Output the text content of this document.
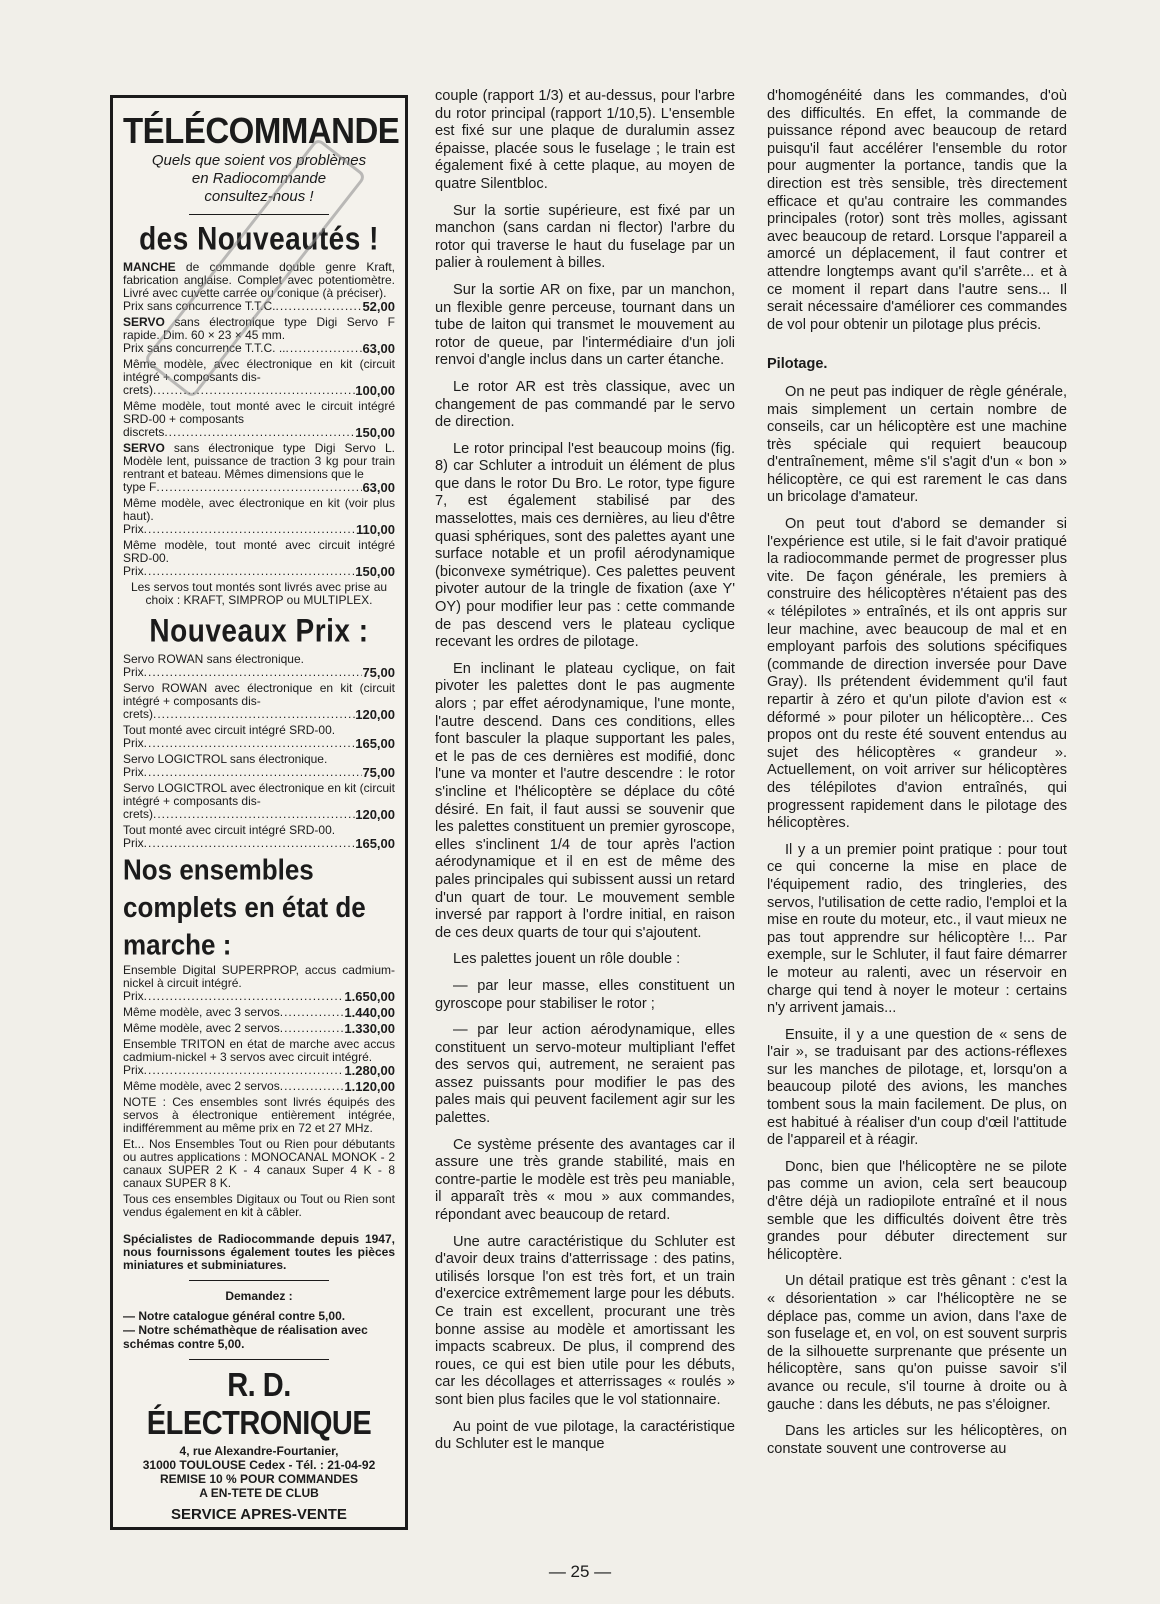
TÉLÉCOMMANDE
Quels que soient vos problèmes
en Radiocommande
consultez-nous !
des Nouveautés !
MANCHE de commande double genre Kraft, fabrication anglaise. Complet avec potentiomètre. Livré avec cuvette carrée ou conique (à préciser).
Prix sans concurrence T.T.C. .....	52,00
SERVO sans électronique type Digi Servo F rapide. Dim. 60 × 23 × 45 mm.
Prix sans concurrence T.T.C. .. .....	63,00
Même modèle, avec électronique en kit (circuit intégré + composants dis-
crets) .....	100,00
Même modèle, tout monté avec le circuit intégré SRD-00 + composants
discrets .....	150,00
SERVO sans électronique type Digi Servo L. Modèle lent, puissance de traction 3 kg pour train rentrant et bateau. Mêmes dimensions que le
type F .....	63,00
Même modèle, avec électronique en kit (voir plus haut).
Prix .....	110,00
Même modèle, tout monté avec circuit intégré SRD-00.
Prix .....	150,00
Les servos tout montés sont livrés avec prise au choix : KRAFT, SIMPROP ou MULTIPLEX.
Nouveaux Prix :
Servo ROWAN sans électronique.
Prix .....	75,00
Servo ROWAN avec électronique en kit (circuit intégré + composants dis-
crets) .....	120,00
Tout monté avec circuit intégré SRD-00.
Prix .....	165,00
Servo LOGICTROL sans électronique.
Prix .....	75,00
Servo LOGICTROL avec électronique en kit (circuit intégré + composants dis-
crets) .....	120,00
Tout monté avec circuit intégré SRD-00.
Prix .....	165,00
Nos ensembles complets en état de marche :
Ensemble Digital SUPERPROP, accus cadmium-nickel à circuit intégré.
Prix .....	1.650,00
Même modèle, avec 3 servos .....	1.440,00
Même modèle, avec 2 servos .....	1.330,00
Ensemble TRITON en état de marche avec accus cadmium-nickel + 3 servos avec circuit intégré.
Prix .....	1.280,00
Même modèle, avec 2 servos .....	1.120,00
NOTE : Ces ensembles sont livrés équipés des servos à électronique entièrement intégrée, indifféremment au même prix en 72 et 27 MHz.
Et... Nos Ensembles Tout ou Rien pour débutants ou autres applications : MONOCANAL MONOK - 2 canaux SUPER 2 K - 4 canaux Super 4 K - 8 canaux SUPER 8 K.
Tous ces ensembles Digitaux ou Tout ou Rien sont vendus également en kit à câbler.
Spécialistes de Radiocommande depuis 1947, nous fournissons également toutes les pièces miniatures et subminiatures.
Demandez :
— Notre catalogue général contre 5,00.
— Notre schémathèque de réalisation avec schémas contre 5,00.
R. D. ÉLECTRONIQUE
4, rue Alexandre-Fourtanier,
31000 TOULOUSE Cedex - Tél. : 21-04-92
REMISE 10 % POUR COMMANDES
A EN-TETE DE CLUB
SERVICE APRES-VENTE

couple (rapport 1/3) et au-dessus, pour l'arbre du rotor principal (rapport 1/10,5). L'ensemble est fixé sur une plaque de duralumin assez épaisse, placée sous le fuselage ; le train est également fixé à cette plaque, au moyen de quatre Silentbloc.

Sur la sortie supérieure, est fixé par un manchon (sans cardan ni flector) l'arbre du rotor qui traverse le haut du fuselage par un palier à roulement à billes.

Sur la sortie AR on fixe, par un manchon, un flexible genre perceuse, tournant dans un tube de laiton qui transmet le mouvement au rotor de queue, par l'intermédiaire d'un joli renvoi d'angle inclus dans un carter étanche.

Le rotor AR est très classique, avec un changement de pas commandé par le servo de direction.

Le rotor principal l'est beaucoup moins (fig. 8) car Schluter a introduit un élément de plus que dans le rotor Du Bro. Le rotor, type figure 7, est également stabilisé par des masselottes, mais ces dernières, au lieu d'être quasi sphériques, sont des palettes ayant une surface notable et un profil aérodynamique (biconvexe symétrique). Ces palettes peuvent pivoter autour de la tringle de fixation (axe Y' OY) pour modifier leur pas : cette commande de pas descend vers le plateau cyclique recevant les ordres de pilotage.

En inclinant le plateau cyclique, on fait pivoter les palettes dont le pas augmente alors ; par effet aérodynamique, l'une monte, l'autre descend. Dans ces conditions, elles font basculer la plaque supportant les pales, et le pas de ces dernières est modifié, donc l'une va monter et l'autre descendre : le rotor s'incline et l'hélicoptère se déplace du côté désiré. En fait, il faut aussi se souvenir que les palettes constituent un premier gyroscope, elles s'inclinent 1/4 de tour après l'action aérodynamique et il en est de même des pales principales qui subissent aussi un retard d'un quart de tour. Le mouvement semble inversé par rapport à l'ordre initial, en raison de ces deux quarts de tour qui s'ajoutent.

Les palettes jouent un rôle double :

— par leur masse, elles constituent un gyroscope pour stabiliser le rotor ;

— par leur action aérodynamique, elles constituent un servo-moteur multipliant l'effet des servos qui, autrement, ne seraient pas assez puissants pour modifier le pas des pales mais qui peuvent facilement agir sur les palettes.

Ce système présente des avantages car il assure une très grande stabilité, mais en contre-partie le modèle est très peu maniable, il apparaît très « mou » aux commandes, répondant avec beaucoup de retard.

Une autre caractéristique du Schluter est d'avoir deux trains d'atterrissage : des patins, utilisés lorsque l'on est très fort, et un train d'exercice extrêmement large pour les débuts. Ce train est excellent, procurant une très bonne assise au modèle et amortissant les impacts scabreux. De plus, il comprend des roues, ce qui est bien utile pour les débuts, car les décollages et atterrissages « roulés » sont bien plus faciles que le vol stationnaire.

Au point de vue pilotage, la caractéristique du Schluter est le manque

d'homogénéité dans les commandes, d'où des difficultés. En effet, la commande de puissance répond avec beaucoup de retard puisqu'il faut accélérer l'ensemble du rotor pour augmenter la portance, tandis que la direction est très sensible, très directement efficace et qu'au contraire les commandes principales (rotor) sont très molles, agissant avec beaucoup de retard. Lorsque l'appareil a amorcé un déplacement, il faut contrer et attendre longtemps avant qu'il s'arrête... et à ce moment il repart dans l'autre sens... Il serait nécessaire d'améliorer ces commandes de vol pour obtenir un pilotage plus précis.

Pilotage.

On ne peut pas indiquer de règle générale, mais simplement un certain nombre de conseils, car un hélicoptère est une machine très spéciale qui requiert beaucoup d'entraînement, même s'il s'agit d'un « bon » hélicoptère, ce qui est rarement le cas dans un bricolage d'amateur.

On peut tout d'abord se demander si l'expérience est utile, si le fait d'avoir pratiqué la radiocommande permet de progresser plus vite. De façon générale, les premiers à construire des hélicoptères n'étaient pas des « télépilotes » entraînés, et ils ont appris sur leur machine, avec beaucoup de mal et en employant parfois des solutions spécifiques (commande de direction inversée pour Dave Gray). Ils prétendent évidemment qu'il faut repartir à zéro et qu'un pilote d'avion est « déformé » pour piloter un hélicoptère... Ces propos ont du reste été souvent entendus au sujet des hélicoptères « grandeur ». Actuellement, on voit arriver sur hélicoptères des télépilotes d'avion entraînés, qui progressent rapidement dans le pilotage des hélicoptères.

Il y a un premier point pratique : pour tout ce qui concerne la mise en place de l'équipement radio, des tringleries, des servos, l'utilisation de cette radio, l'emploi et la mise en route du moteur, etc., il vaut mieux ne pas tout apprendre sur hélicoptère !... Par exemple, sur le Schluter, il faut faire démarrer le moteur au ralenti, avec un réservoir en charge qui tend à noyer le moteur : certains n'y arrivent jamais...

Ensuite, il y a une question de « sens de l'air », se traduisant par des actions-réflexes sur les manches de pilotage, et, lorsqu'on a beaucoup piloté des avions, les manches tombent sous la main facilement. De plus, on est habitué à réaliser d'un coup d'œil l'attitude de l'appareil et à réagir.

Donc, bien que l'hélicoptère ne se pilote pas comme un avion, cela sert beaucoup d'être déjà un radiopilote entraîné et il nous semble que les difficultés doivent être très grandes pour débuter directement sur hélicoptère.

Un détail pratique est très gênant : c'est la « désorientation » car l'hélicoptère ne se déplace pas, comme un avion, dans l'axe de son fuselage et, en vol, on est souvent surpris de la silhouette surprenante que présente un hélicoptère, sans qu'on puisse savoir s'il avance ou recule, s'il tourne à droite ou à gauche : dans les débuts, ne pas s'éloigner.

Dans les articles sur les hélicoptères, on constate souvent une controverse au

— 25 —
